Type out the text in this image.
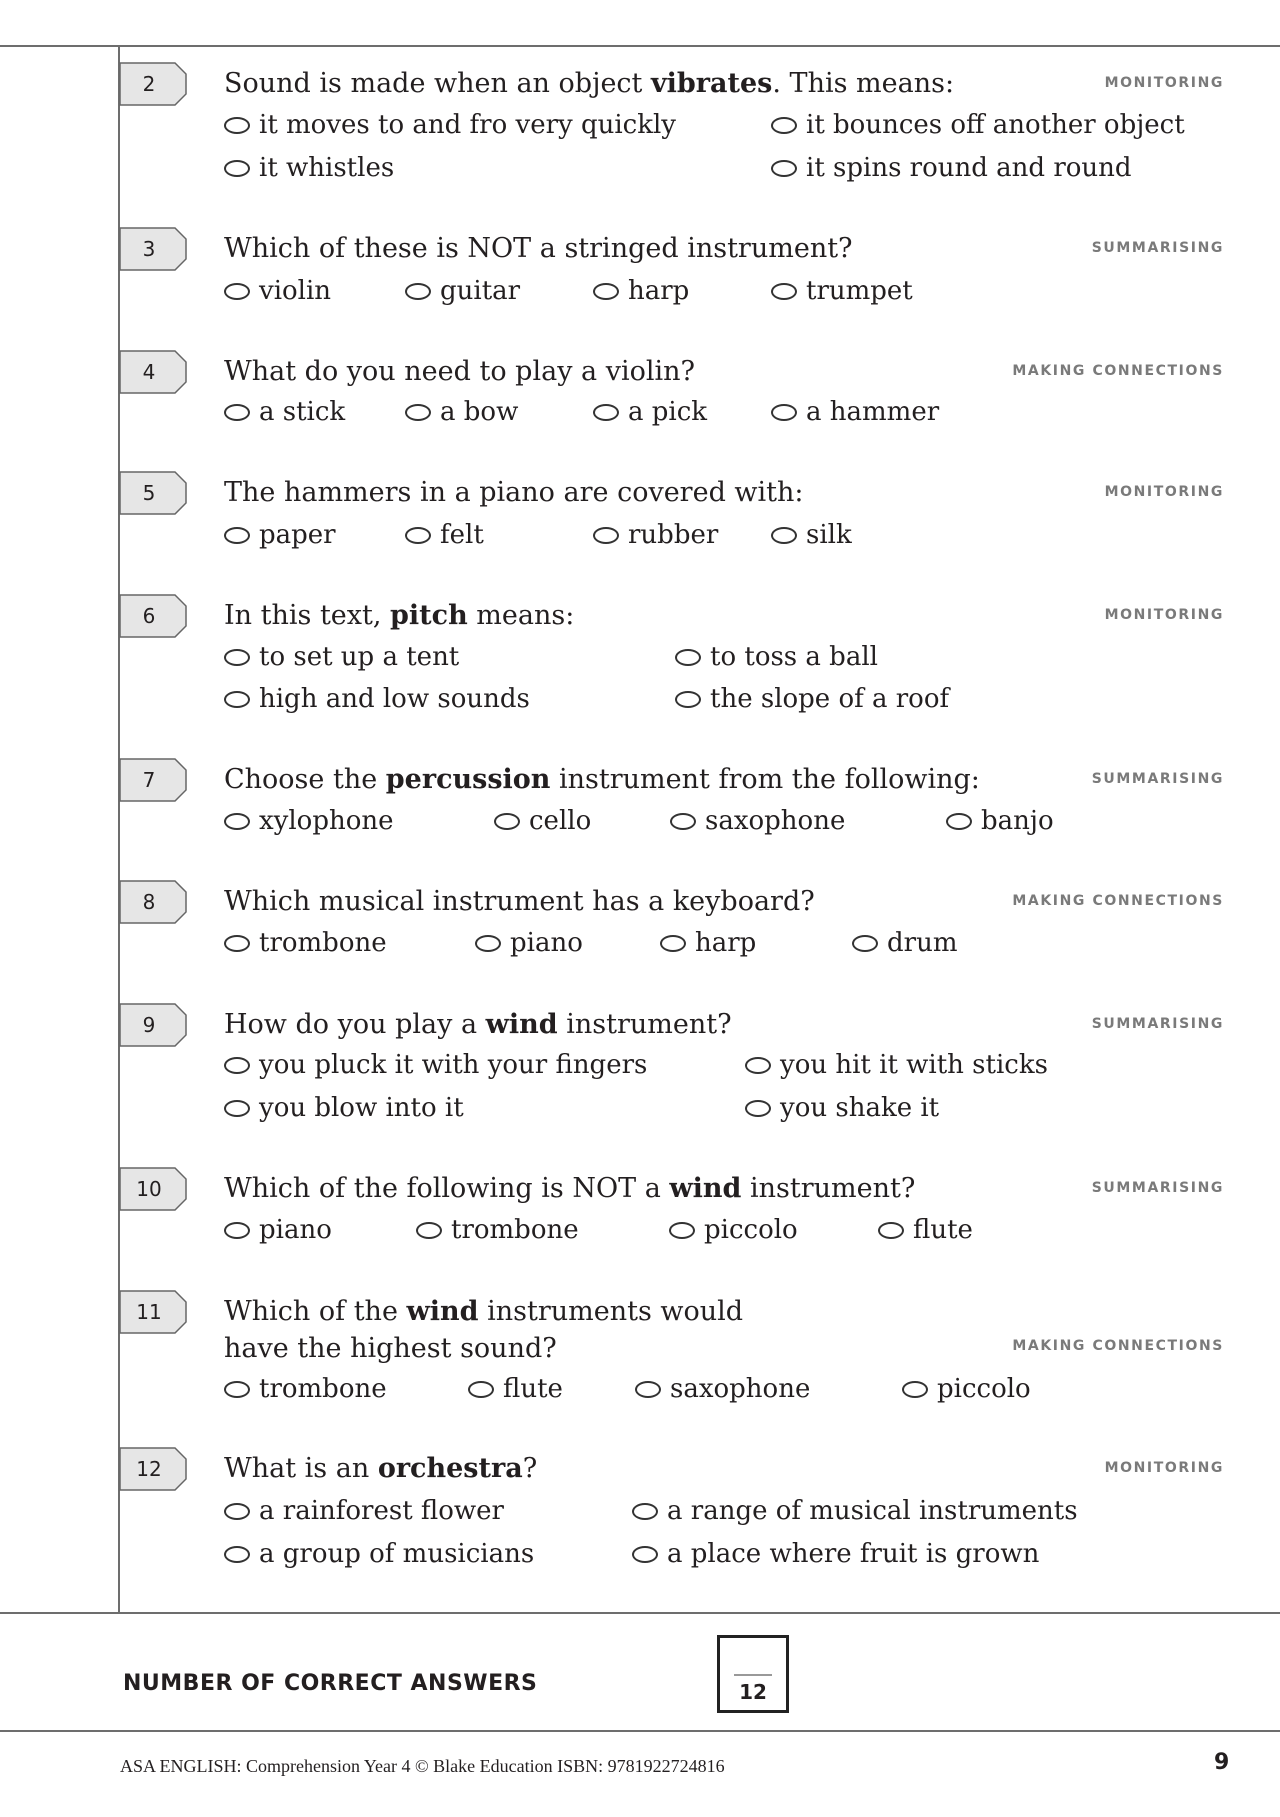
2	Sound is made when an object vibrates. This means:	MONITORING
it moves to and fro very quickly	it bounces off another object
it whistles	it spins round and round
3	Which of these is NOT a stringed instrument?	SUMMARISING
violin	guitar	harp	trumpet
4	What do you need to play a violin?	MAKING CONNECTIONS
a stick	a bow	a pick	a hammer
5	The hammers in a piano are covered with:	MONITORING
paper	felt	rubber	silk
6	In this text, pitch means:	MONITORING
to set up a tent	to toss a ball
high and low sounds	the slope of a roof
7	Choose the percussion instrument from the following:	SUMMARISING
xylophone	cello	saxophone	banjo
8	Which musical instrument has a keyboard?	MAKING CONNECTIONS
trombone	piano	harp	drum
9	How do you play a wind instrument?	SUMMARISING
you pluck it with your fingers	you hit it with sticks
you blow into it	you shake it
10	Which of the following is NOT a wind instrument?	SUMMARISING
piano	trombone	piccolo	flute
11	Which of the wind instruments would
have the highest sound?	MAKING CONNECTIONS
trombone	flute	saxophone	piccolo
12	What is an orchestra?	MONITORING
a rainforest flower	a range of musical instruments
a group of musicians	a place where fruit is grown
NUMBER OF CORRECT ANSWERS	12
ASA ENGLISH: Comprehension Year 4 © Blake Education ISBN: 9781922724816	9
